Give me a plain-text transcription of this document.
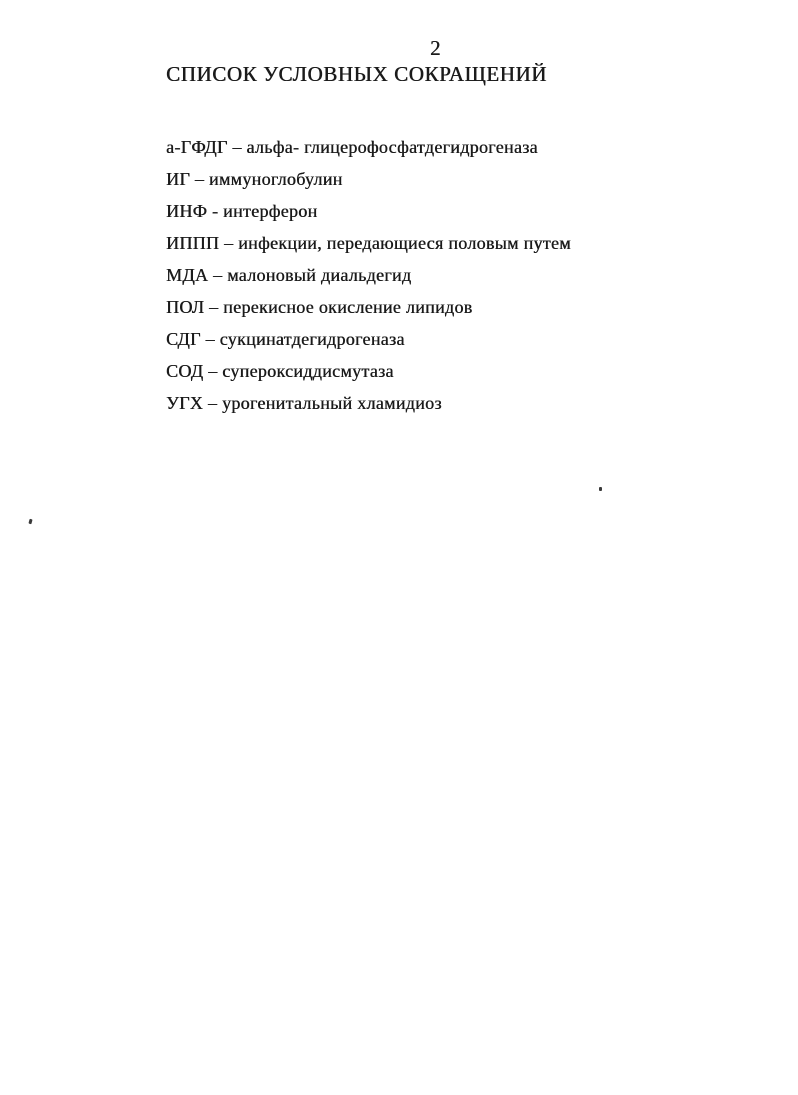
2
СПИСОК УСЛОВНЫХ СОКРАЩЕНИЙ
а-ГФДГ – альфа- глицерофосфатдегидрогеназа
ИГ – иммуноглобулин
ИНФ - интерферон
ИППП – инфекции, передающиеся половым путем
МДА – малоновый диальдегид
ПОЛ – перекисное окисление липидов
СДГ – сукцинатдегидрогеназа
СОД – супероксиддисмутаза
УГХ – урогенитальный хламидиоз
